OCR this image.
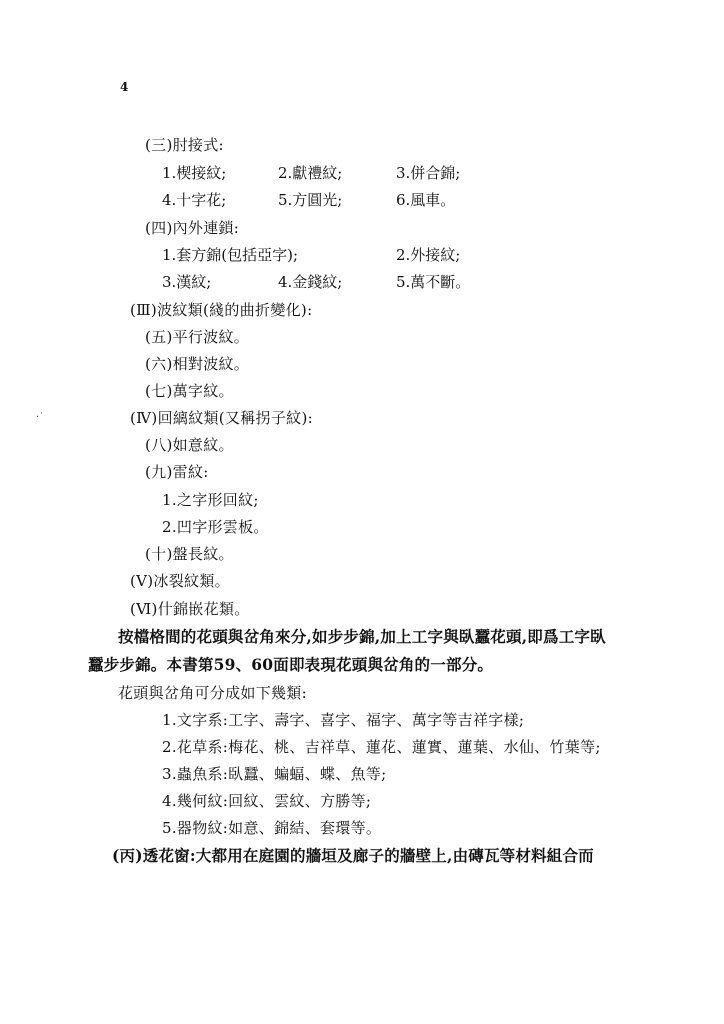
4
(三)肘接式:
1.楔接紋;	2.獻禮紋;	3.併合錦;
4.十字花;	5.方圓光;	6.風車。
(四)內外連鎖:
1.套方錦(包括亞字);	2.外接紋;
3.漢紋;	4.金錢紋;	5.萬不斷。
(Ⅲ)波紋類(綫的曲折變化):
(五)平行波紋。
(六)相對波紋。
(七)萬字紋。
·˙	(Ⅳ)回縭紋類(又稱拐子紋):
(八)如意紋。
(九)雷紋:
1.之字形回紋;
2.凹字形雲板。
(十)盤長紋。
(Ⅴ)冰裂紋類。
(Ⅵ)什錦嵌花類。
按檔格間的花頭與岔角來分,如步步錦,加上工字與臥蠶花頭,即爲工字臥
蠶步步錦。本書第59、60面即表現花頭與岔角的一部分。
花頭與岔角可分成如下幾類:
1.文字系:工字、壽字、喜字、福字、萬字等吉祥字樣;
2.花草系:梅花、桃、吉祥草、蓮花、蓮實、蓮葉、水仙、竹葉等;
3.蟲魚系:臥蠶、蝙蝠、蝶、魚等;
4.幾何紋:回紋、雲紋、方勝等;
5.器物紋:如意、錦結、套環等。
(丙)透花窗:大都用在庭園的牆垣及廊子的牆壁上,由磚瓦等材料組合而
